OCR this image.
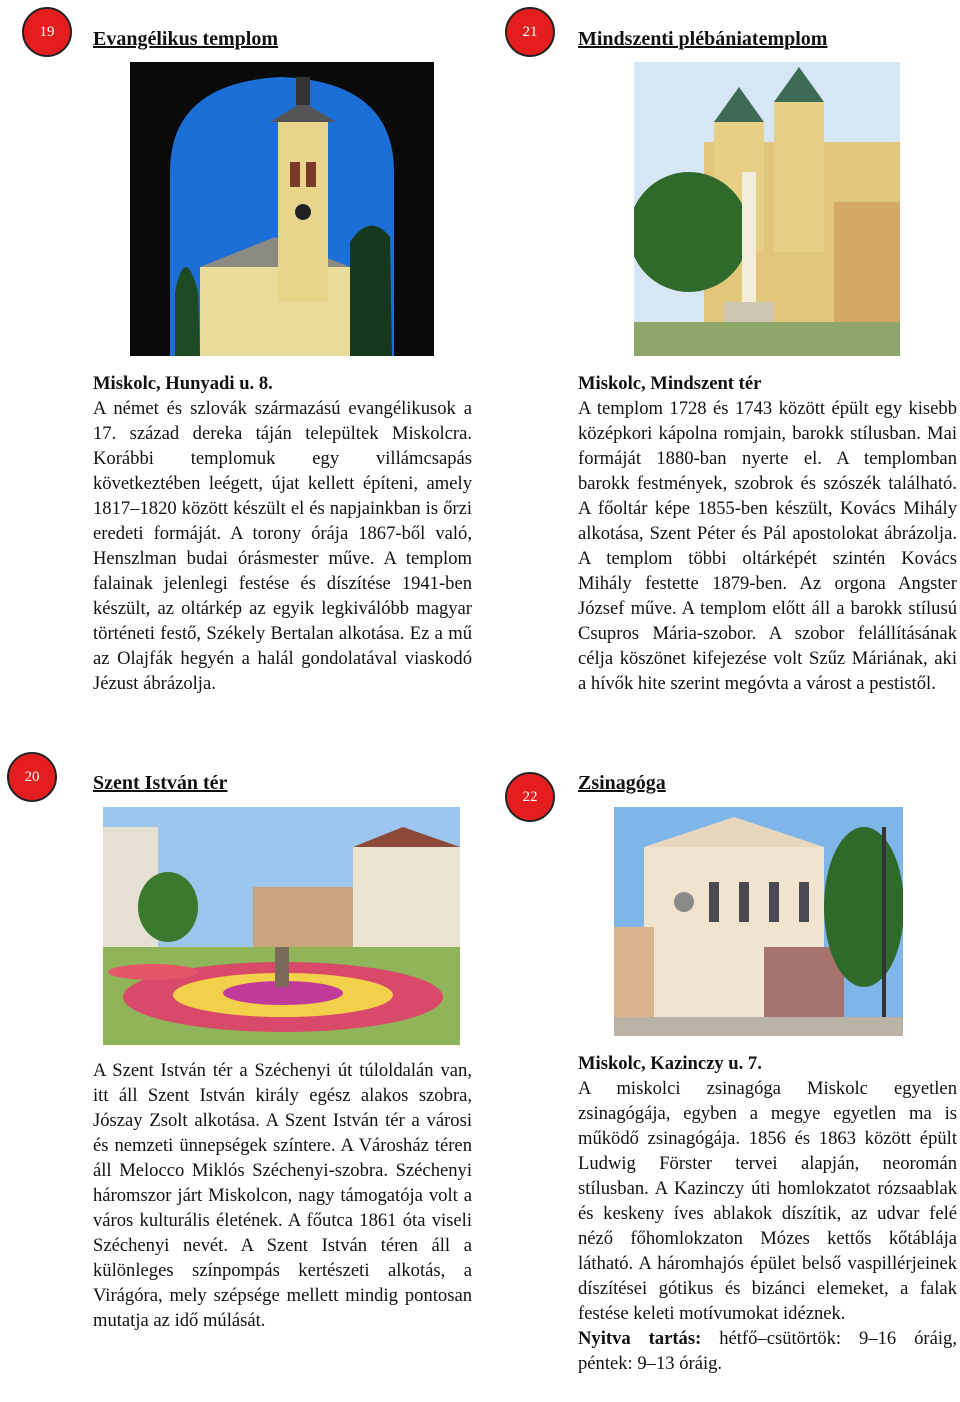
19	Evangélikus templom

Miskolc, Hunyadi u. 8.

A német és szlovák származású evangélikusok a 17. század dereka táján települtek Miskolcra. Korábbi templomuk egy villámcsapás következtében leégett, újat kellett építeni, amely 1817–1820 között készült el és napjainkban is őrzi eredeti formáját. A torony órája 1867-ből való, Henszlman budai órásmester műve. A templom falainak jelenlegi festése és díszítése 1941-ben készült, az oltárkép az egyik legkiválóbb magyar történeti festő, Székely Bertalan alkotása. Ez a mű az Olajfák hegyén a halál gondolatával viaskodó Jézust ábrázolja.

21	Mindszenti plébániatemplom

Miskolc, Mindszent tér

A templom 1728 és 1743 között épült egy kisebb középkori kápolna romjain, barokk stílusban. Mai formáját 1880-ban nyerte el. A templomban barokk festmények, szobrok és szószék található. A főoltár képe 1855-ben készült, Kovács Mihály alkotása, Szent Péter és Pál apostolokat ábrázolja. A templom többi oltárképét szintén Kovács Mihály festette 1879-ben. Az orgona Angster József műve. A templom előtt áll a barokk stílusú Csupros Mária-szobor. A szobor felállításának célja köszönet kifejezése volt Szűz Máriának, aki a hívők hite szerint megóvta a várost a pestistől.

20	Szent István tér

A Szent István tér a Széchenyi út túloldalán van, itt áll Szent István király egész alakos szobra, Jószay Zsolt alkotása. A Szent István tér a városi és nemzeti ünnepségek színtere. A Városház téren áll Melocco Miklós Széchenyi-szobra. Széchenyi háromszor járt Miskolcon, nagy támogatója volt a város kulturális életének. A főutca 1861 óta viseli Széchenyi nevét. A Szent István téren áll a különleges színpompás kertészeti alkotás, a Virágóra, mely szépsége mellett mindig pontosan mutatja az idő múlását.

22
Zsinagóga

Miskolc, Kazinczy u. 7.

A miskolci zsinagóga Miskolc egyetlen zsinagógája, egyben a megye egyetlen ma is működő zsinagógája. 1856 és 1863 között épült Ludwig Förster tervei alapján, neoromán stílusban. A Kazinczy úti homlokzatot rózsaablak és keskeny íves ablakok díszítik, az udvar felé néző főhomlokzaton Mózes kettős kőtáblája látható. A háromhajós épület belső vaspillérjeinek díszítései gótikus és bizánci elemeket, a falak festése keleti motívumokat idéznek.

Nyitva tartás: hétfő–csütörtök: 9–16 óráig, péntek: 9–13 óráig.
